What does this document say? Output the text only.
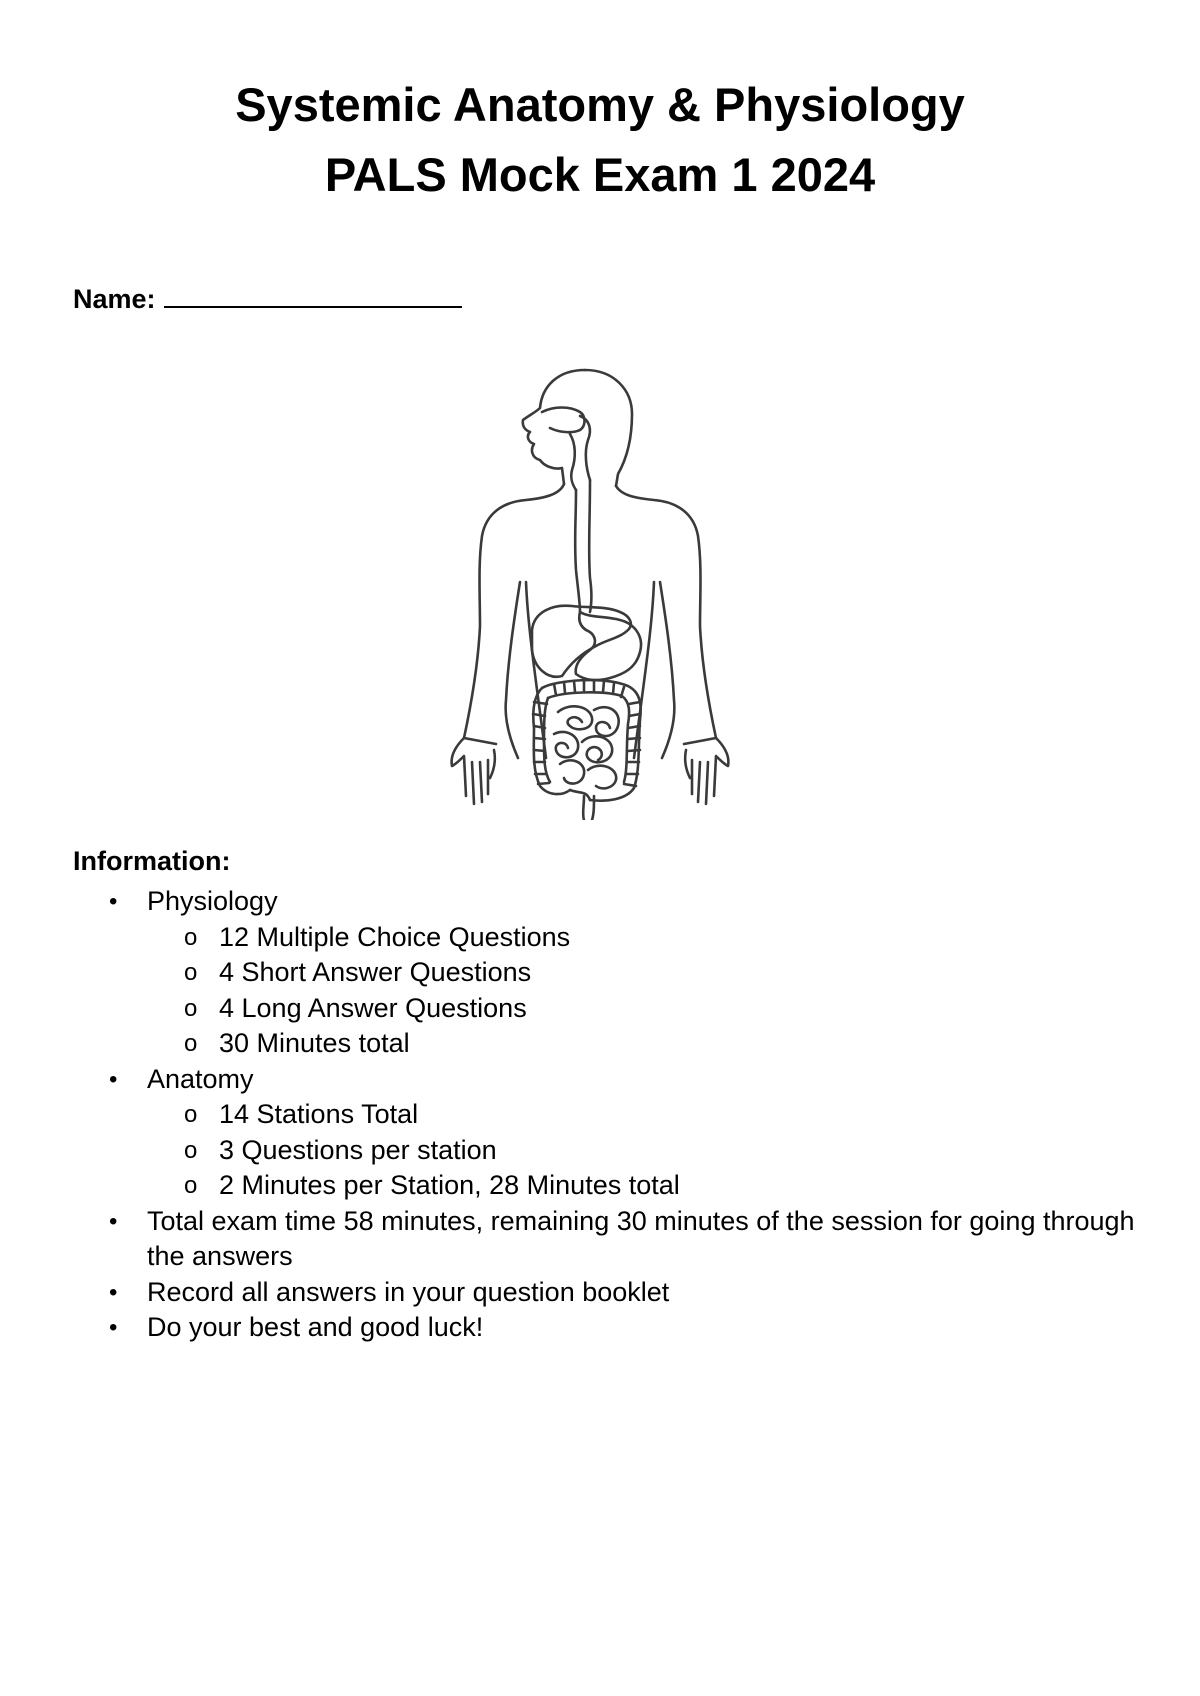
Systemic Anatomy & Physiology
PALS Mock Exam 1 2024
Name:
Information:
•	Physiology
o 12 Multiple Choice Questions
o 4 Short Answer Questions
o 4 Long Answer Questions
o 30 Minutes total
•	Anatomy
o 14 Stations Total
o 3 Questions per station
o 2 Minutes per Station, 28 Minutes total
•	Total exam time 58 minutes, remaining 30 minutes of the session for going through the answers
•	Record all answers in your question booklet
•	Do your best and good luck!
